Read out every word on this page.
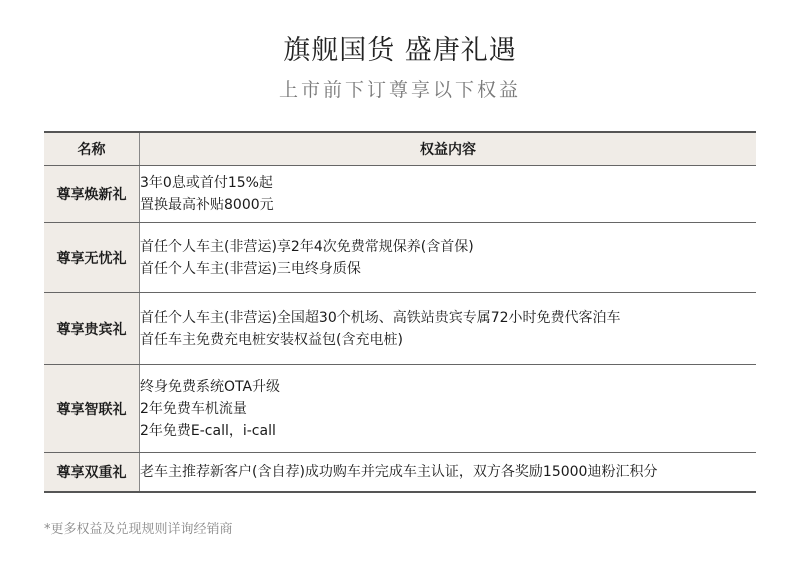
旗舰国货 盛唐礼遇
上市前下订尊享以下权益
名称	权益内容
尊享焕新礼	3年0息或首付15%起
置换最高补贴8000元

尊享无忧礼	首任个人车主(非营运)享2年4次免费常规保养(含首保)
首任个人车主(非营运)三电终身质保

尊享贵宾礼	首任个人车主(非营运)全国超30个机场、高铁站贵宾专属72小时免费代客泊车
首任车主免费充电桩安装权益包(含充电桩)

尊享智联礼	终身免费系统OTA升级
2年免费车机流量
2年免费E-call，i-call

尊享双重礼	老车主推荐新客户(含自荐)成功购车并完成车主认证，双方各奖励15000迪粉汇积分
*更多权益及兑现规则详询经销商
